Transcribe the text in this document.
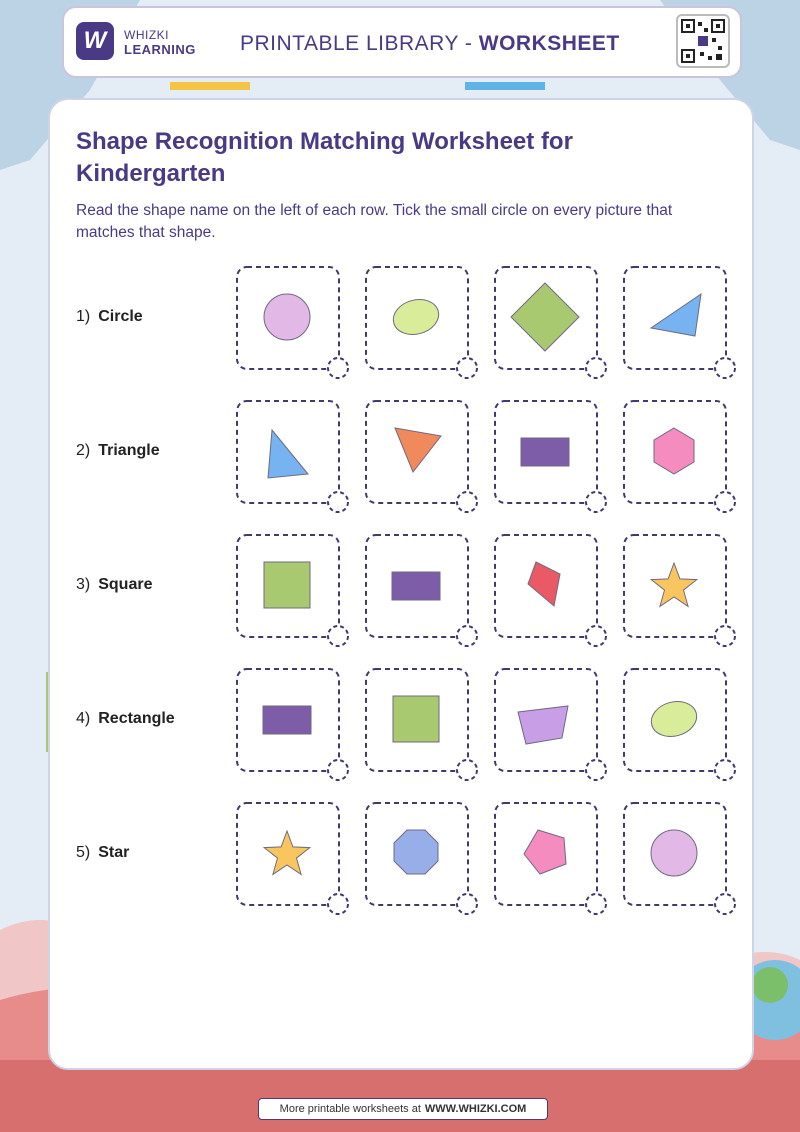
W WHIZKI
LEARNING PRINTABLE LIBRARY - WORKSHEET
Shape Recognition Matching Worksheet for Kindergarten
Read the shape name on the left of each row. Tick the small circle on every picture that matches that shape.
1) Circle
2) Triangle
3) Square
4) Rectangle
5) Star
More printable worksheets at WWW.WHIZKI.COM
